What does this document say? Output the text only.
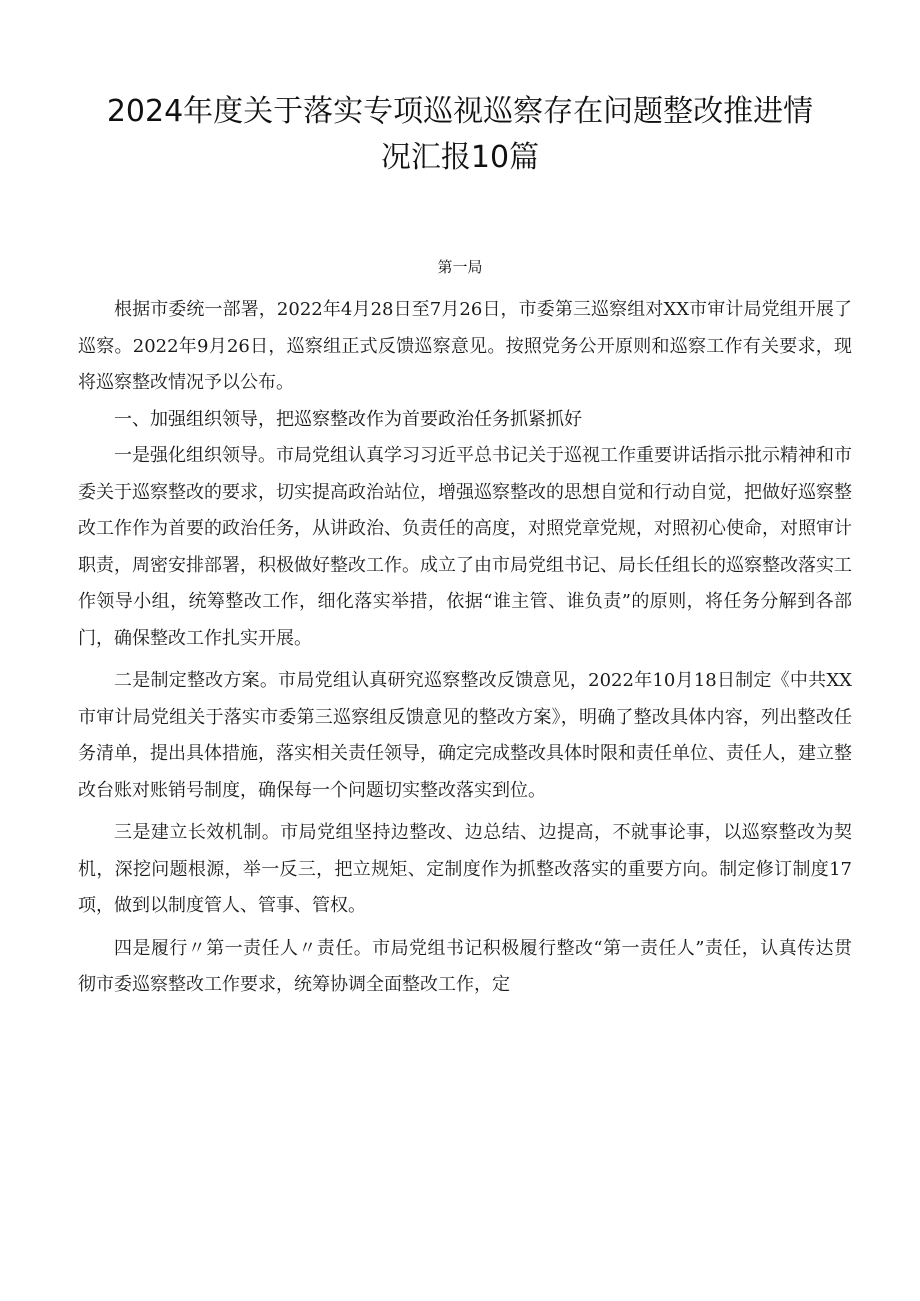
2024年度关于落实专项巡视巡察存在问题整改推进情
况汇报10篇
第一局

根据市委统一部署，2022年4月28日至7月26日，市委第三巡察组对XX市审计局党组开展了巡察。2022年9月26日，巡察组正式反馈巡察意见。按照党务公开原则和巡察工作有关要求，现将巡察整改情况予以公布。

一、加强组织领导，把巡察整改作为首要政治任务抓紧抓好

一是强化组织领导。市局党组认真学习习近平总书记关于巡视工作重要讲话指示批示精神和市委关于巡察整改的要求，切实提高政治站位，增强巡察整改的思想自觉和行动自觉，把做好巡察整改工作作为首要的政治任务，从讲政治、负责任的高度，对照党章党规，对照初心使命，对照审计职责，周密安排部署，积极做好整改工作。成立了由市局党组书记、局长任组长的巡察整改落实工作领导小组，统筹整改工作，细化落实举措，依据“谁主管、谁负责”的原则，将任务分解到各部门，确保整改工作扎实开展。

二是制定整改方案。市局党组认真研究巡察整改反馈意见，2022年10月18日制定《中共XX市审计局党组关于落实市委第三巡察组反馈意见的整改方案》，明确了整改具体内容，列出整改任务清单，提出具体措施，落实相关责任领导，确定完成整改具体时限和责任单位、责任人，建立整改台账对账销号制度，确保每一个问题切实整改落实到位。

三是建立长效机制。市局党组坚持边整改、边总结、边提高，不就事论事，以巡察整改为契机，深挖问题根源，举一反三，把立规矩、定制度作为抓整改落实的重要方向。制定修订制度17项，做到以制度管人、管事、管权。

四是履行〃第一责任人〃责任。市局党组书记积极履行整改“第一责任人”责任，认真传达贯彻市委巡察整改工作要求，统筹协调全面整改工作，定
